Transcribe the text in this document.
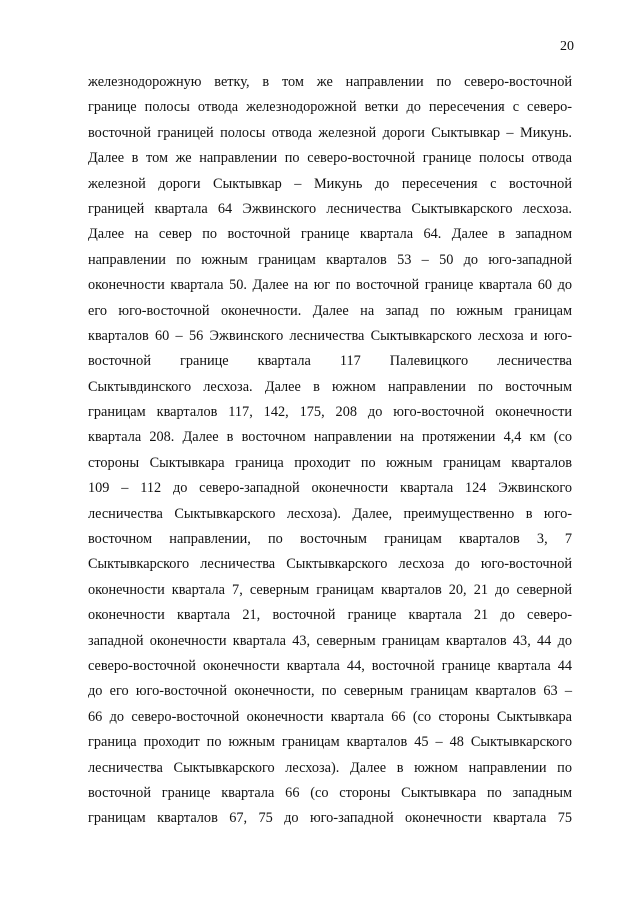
20
железнодорожную ветку, в том же направлении по северо-восточной
границе полосы отвода железнодорожной ветки до пересечения с северо-
восточной границей полосы отвода железной дороги Сыктывкар – Микунь.
Далее в том же направлении по северо-восточной границе полосы отвода
железной дороги Сыктывкар – Микунь до пересечения с восточной
границей квартала 64 Эжвинского лесничества Сыктывкарского лесхоза.
Далее на север по восточной границе квартала 64. Далее в западном
направлении по южным границам кварталов 53 – 50 до юго-западной
оконечности квартала 50. Далее на юг по восточной границе квартала 60 до
его юго-восточной оконечности. Далее на запад по южным границам
кварталов 60 – 56 Эжвинского лесничества Сыктывкарского лесхоза и юго-
восточной границе квартала 117 Палевицкого лесничества
Сыктывдинского лесхоза. Далее в южном направлении по восточным
границам кварталов 117, 142, 175, 208 до юго-восточной оконечности
квартала 208. Далее в восточном направлении на протяжении 4,4 км (со
стороны Сыктывкара граница проходит по южным границам кварталов
109 – 112 до северо-западной оконечности квартала 124 Эжвинского
лесничества Сыктывкарского лесхоза). Далее, преимущественно в юго-
восточном направлении, по восточным границам кварталов 3, 7
Сыктывкарского лесничества Сыктывкарского лесхоза до юго-восточной
оконечности квартала 7, северным границам кварталов 20, 21 до северной
оконечности квартала 21, восточной границе квартала 21 до северо-
западной оконечности квартала 43, северным границам кварталов 43, 44 до
северо-восточной оконечности квартала 44, восточной границе квартала 44
до его юго-восточной оконечности, по северным границам кварталов 63 –
66 до северо-восточной оконечности квартала 66 (со стороны Сыктывкара
граница проходит по южным границам кварталов 45 – 48 Сыктывкарского
лесничества Сыктывкарского лесхоза). Далее в южном направлении по
восточной границе квартала 66 (со стороны Сыктывкара по западным
границам кварталов 67, 75 до юго-западной оконечности квартала 75
